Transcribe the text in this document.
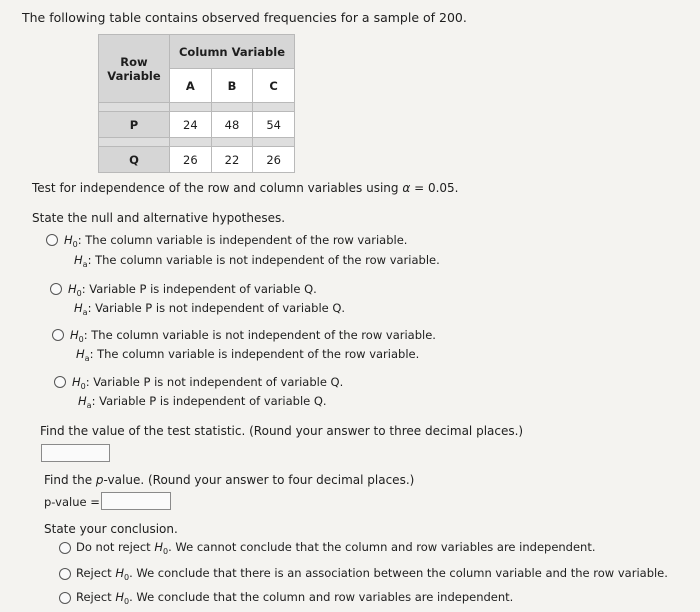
The following table contains observed frequencies for a sample of 200.
Row Variable	Column Variable		
	A	B	C

P	24	48	54

Q	26	22	26
Test for independence of the row and column variables using α = 0.05.
State the null and alternative hypotheses.
$H_0$: The column variable is independent of the row variable.
$H_a$: The column variable is not independent of the row variable.
$H_0$: Variable P is independent of variable Q.
$H_a$: Variable P is not independent of variable Q.
$H_0$: The column variable is not independent of the row variable.
$H_a$: The column variable is independent of the row variable.
$H_0$: Variable P is not independent of variable Q.
$H_a$: Variable P is independent of variable Q.
Find the value of the test statistic. (Round your answer to three decimal places.)
Find the p-value. (Round your answer to four decimal places.)
p-value =
State your conclusion.
Do not reject $H_0$. We cannot conclude that the column and row variables are independent.
Reject $H_0$. We conclude that there is an association between the column variable and the row variable.
Reject $H_0$. We conclude that the column and row variables are independent.
